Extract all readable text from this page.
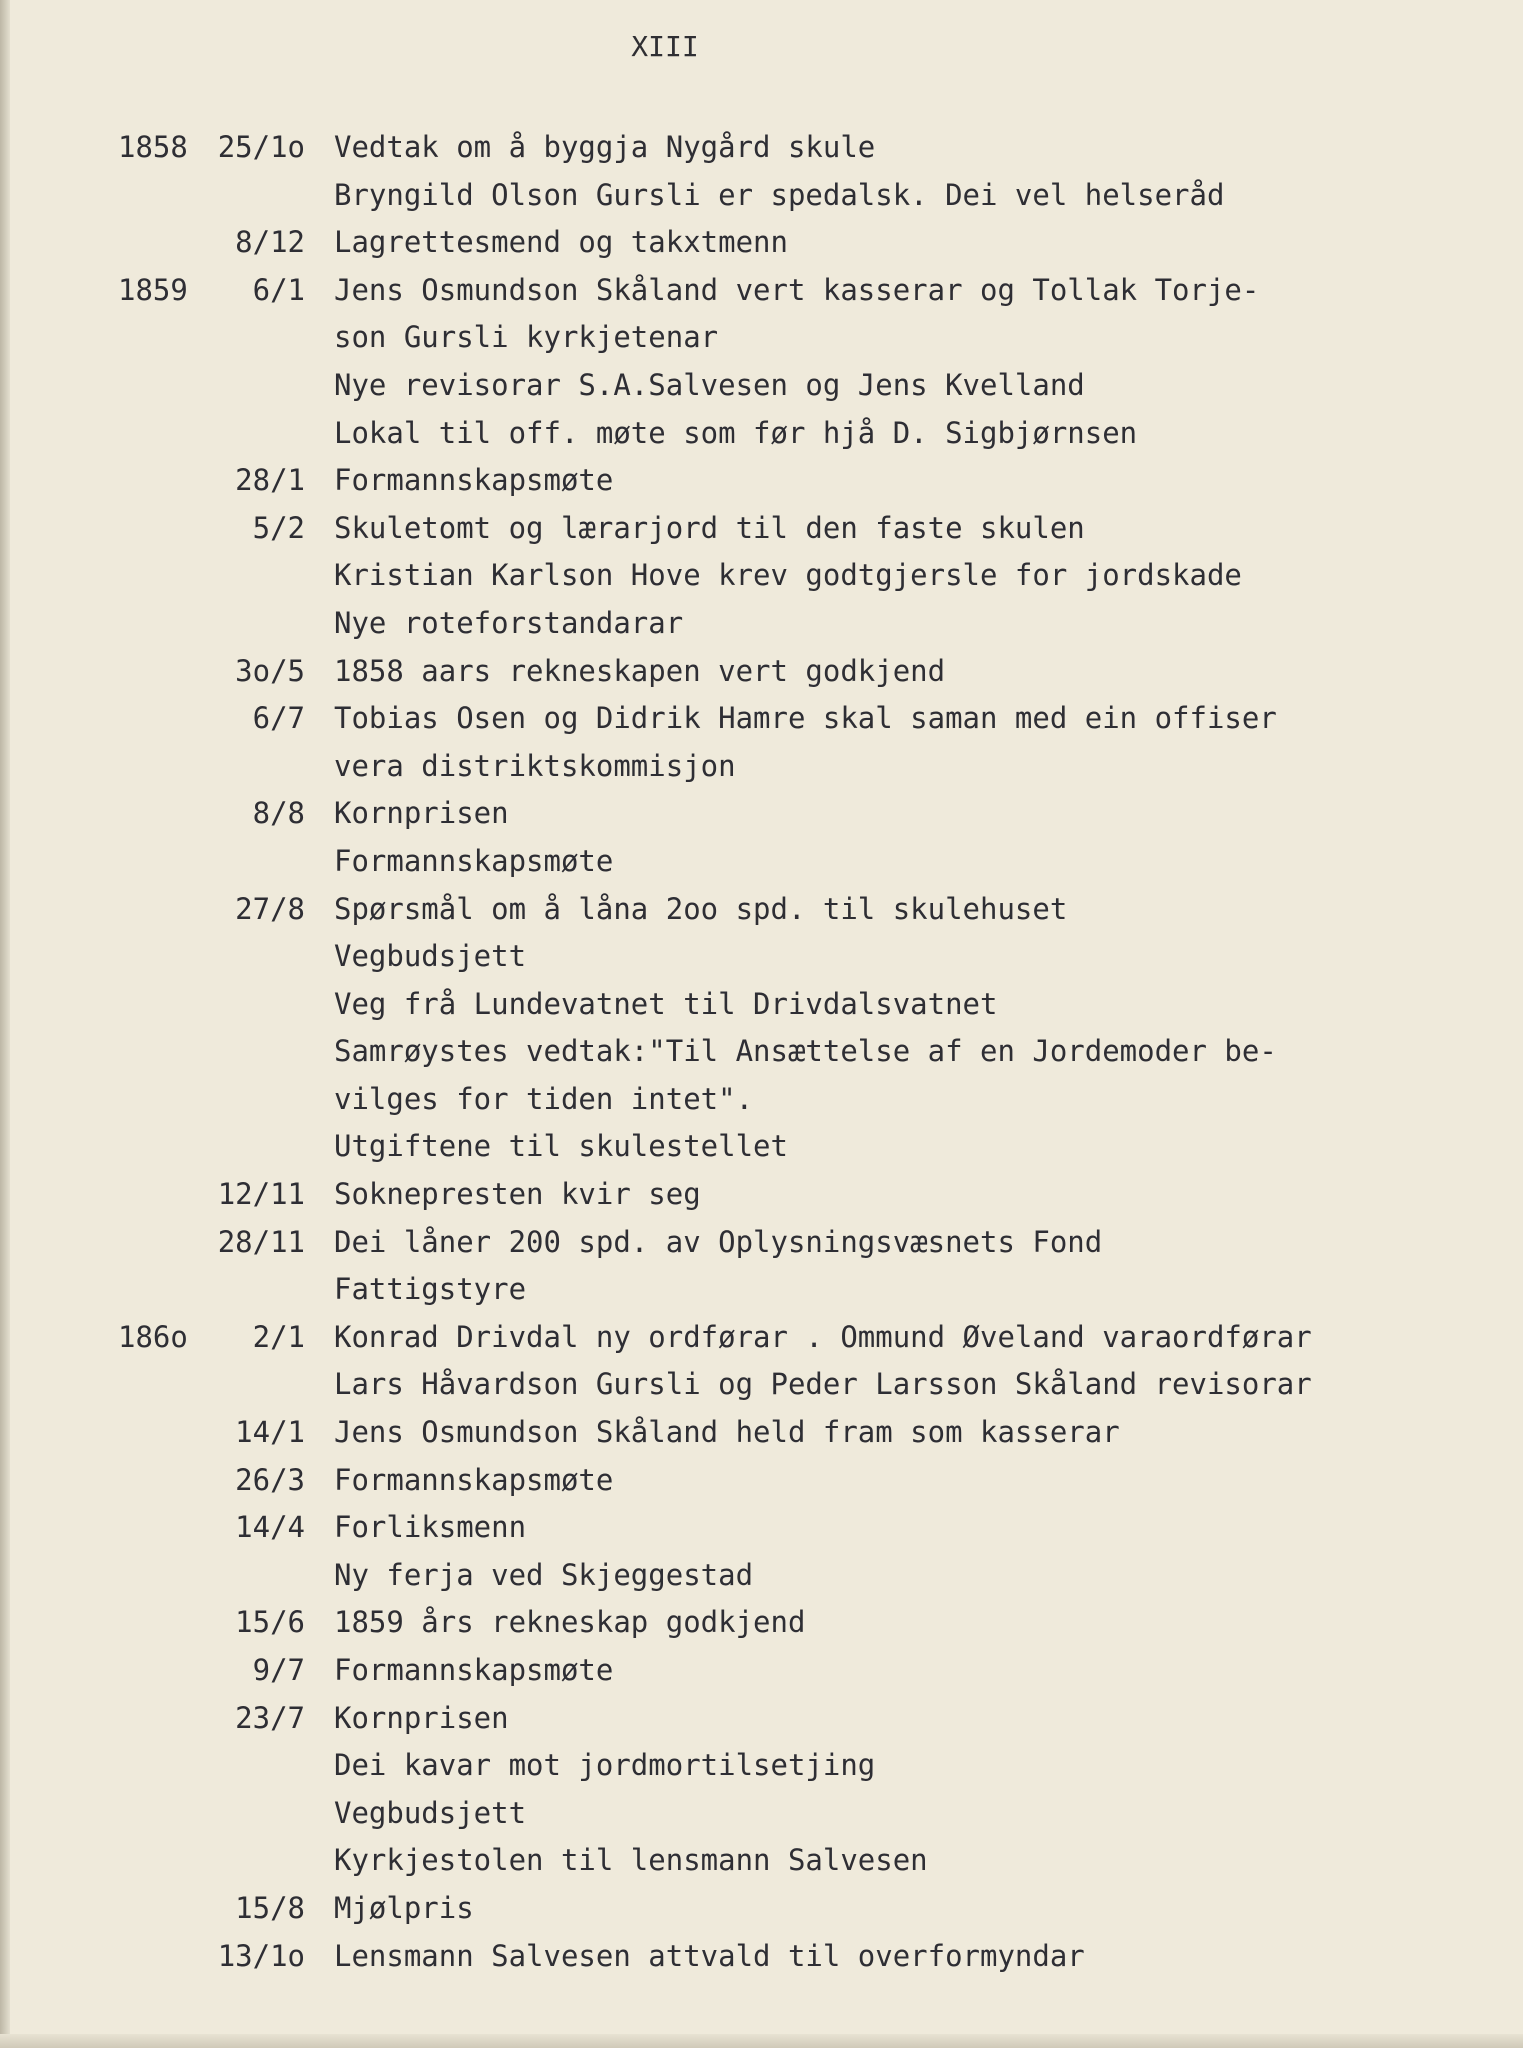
XIII
1858	25/1o Vedtak om å byggja Nygård skule
Bryngild Olson Gursli er spedalsk. Dei vel helseråd
8/12 Lagrettesmend og takxtmenn
1859	6/1 Jens Osmundson Skåland vert kasserar og Tollak Torje-
son Gursli kyrkjetenar
Nye revisorar S.A.Salvesen og Jens Kvelland
Lokal til off. møte som før hjå D. Sigbjørnsen
28/1 Formannskapsmøte
5/2 Skuletomt og lærarjord til den faste skulen
Kristian Karlson Hove krev godtgjersle for jordskade
Nye roteforstandarar
3o/5 1858 aars rekneskapen vert godkjend
6/7 Tobias Osen og Didrik Hamre skal saman med ein offiser
vera distriktskommisjon
8/8 Kornprisen
Formannskapsmøte
27/8 Spørsmål om å låna 2oo spd. til skulehuset
Vegbudsjett
Veg frå Lundevatnet til Drivdalsvatnet
Samrøystes vedtak:"Til Ansættelse af en Jordemoder be-
vilges for tiden intet".
Utgiftene til skulestellet
12/11 Soknepresten kvir seg
28/11 Dei låner 200 spd. av Oplysningsvæsnets Fond
Fattigstyre
186o	2/1 Konrad Drivdal ny ordførar . Ommund Øveland varaordførar
Lars Håvardson Gursli og Peder Larsson Skåland revisorar
14/1 Jens Osmundson Skåland held fram som kasserar
26/3 Formannskapsmøte
14/4 Forliksmenn
Ny ferja ved Skjeggestad
15/6 1859 års rekneskap godkjend
9/7 Formannskapsmøte
23/7 Kornprisen
Dei kavar mot jordmortilsetjing
Vegbudsjett
Kyrkjestolen til lensmann Salvesen
15/8 Mjølpris
13/1o Lensmann Salvesen attvald til overformyndar
